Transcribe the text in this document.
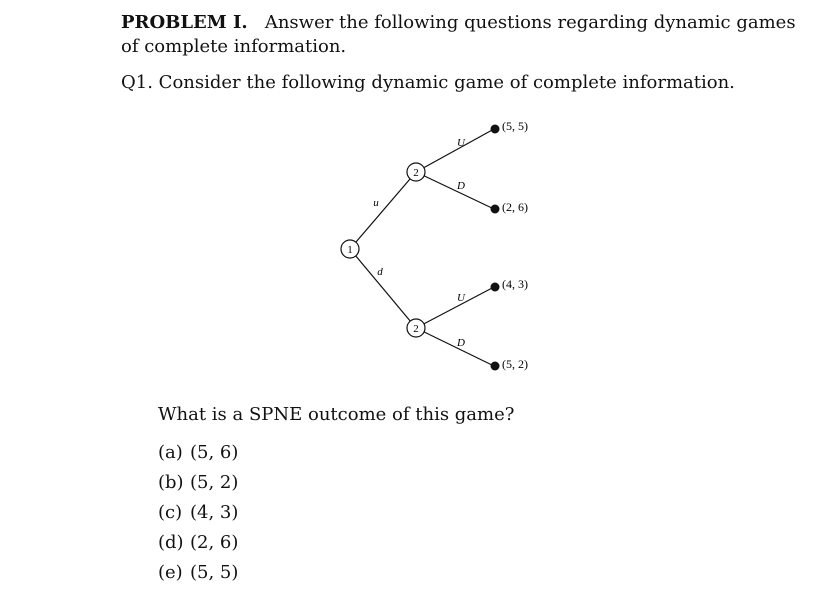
PROBLEM I. Answer the following questions regarding dynamic games
of complete information.
Q1. Consider the following dynamic game of complete information.
1
2
2
u
d
U
D
U
D
(5, 5)
(2, 6)
(4, 3)
(5, 2)
What is a SPNE outcome of this game?
(a) (5, 6)
(b) (5, 2)
(c) (4, 3)
(d) (2, 6)
(e) (5, 5)
